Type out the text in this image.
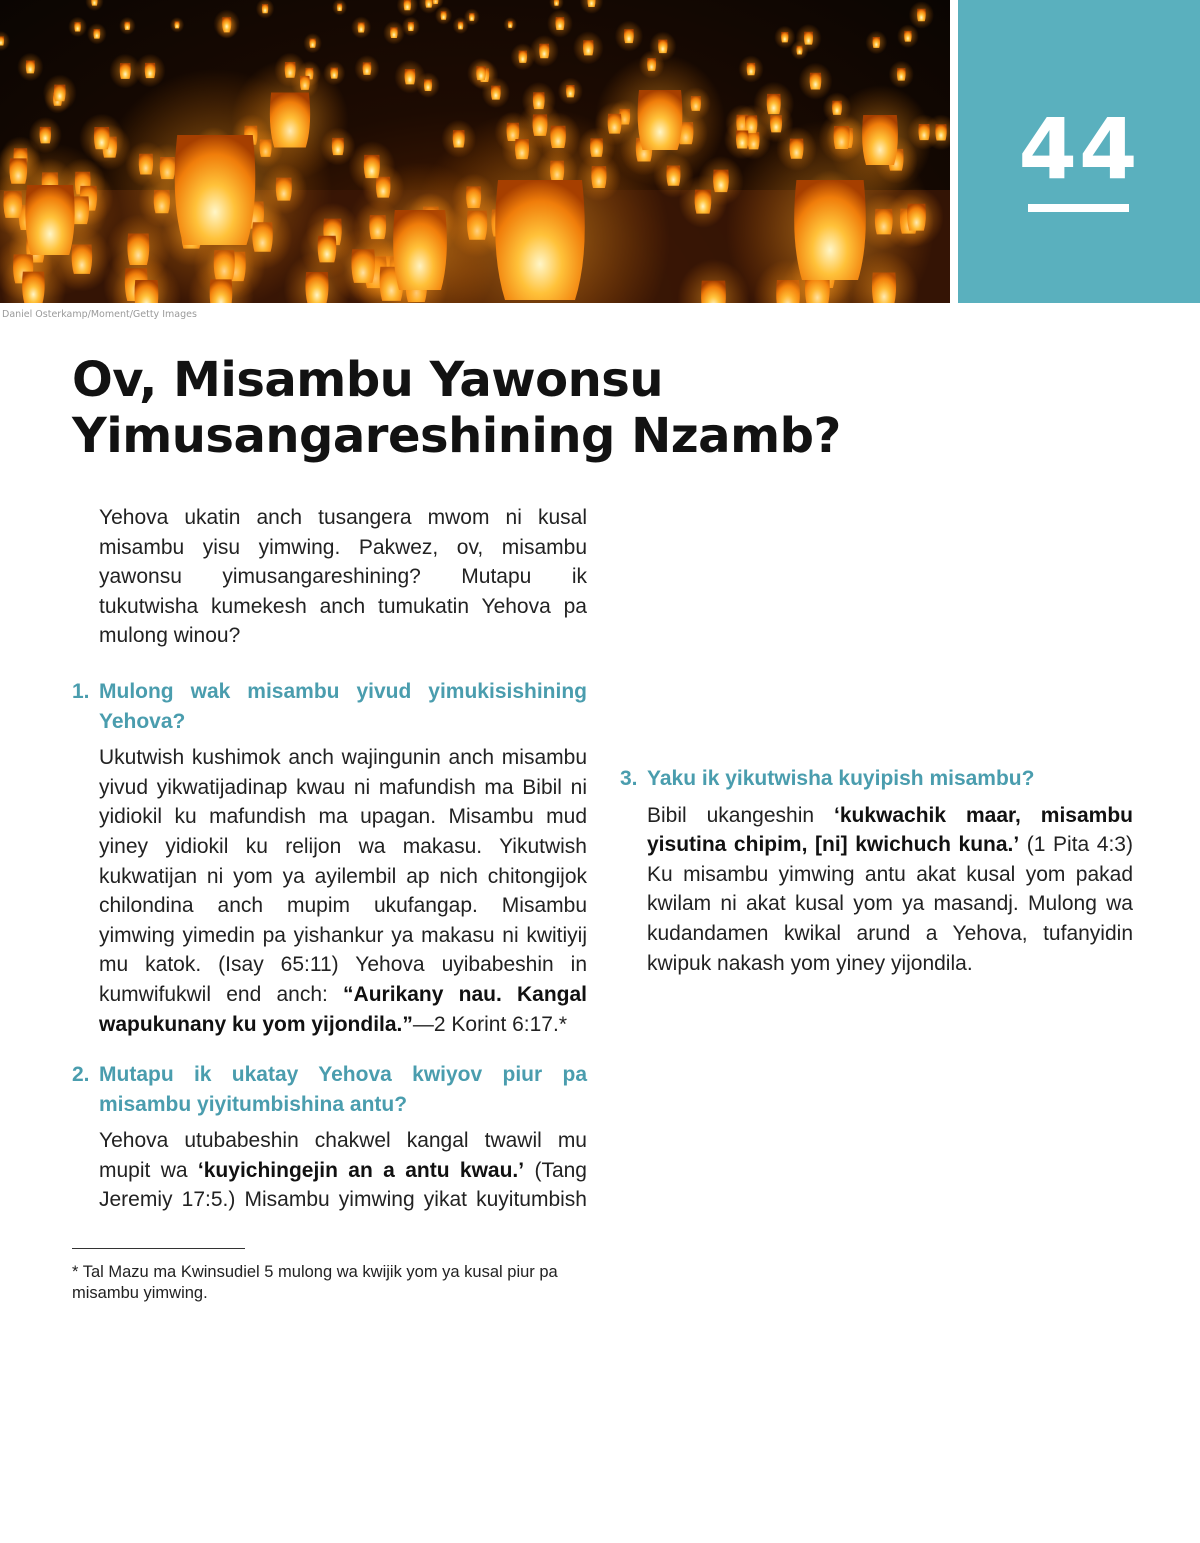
Daniel Osterkamp/Moment/Getty Images
44
Ov, Misambu Yawonsu
Yimusangareshining Nzamb?

Yehova ukatin anch tusangera mwom ni kusal misambu yisu yimwing. Pakwez, ov, misambu yawonsu yimusangareshining? Mutapu ik tukutwisha kumekesh anch tumukatin Yehova pa mulong winou?

1. Mulong wak misambu yivud yimukisishining Yehova?

Ukutwish kushimok anch wajingunin anch misambu yivud yikwatijadinap kwau ni mafundish ma Bibil ni yidiokil ku mafundish ma upagan. Misambu mud yiney yidiokil ku relijon wa makasu. Yikutwish kukwatijan ni yom ya ayilembil ap nich chitongijok chilondina anch mupim ukufangap. Misambu yimwing yimedin pa yishankur ya makasu ni kwitiyij mu katok. (Isay 65:11) Yehova uyibabeshin in kumwifukwil end anch: “Aurikany nau. Kangal wapukunany ku yom yijondila.”—2 Korint 6:17.*

2. Mutapu ik ukatay Yehova kwiyov piur pa misambu yiyitumbishina antu?

Yehova utubabeshin chakwel kangal twawil mu mupit wa ‘kuyichingejin an a antu kwau.’ (Tang Jeremiy 17:5.) Misambu yimwing yikat kuyitumbish

3. Yaku ik yikutwisha kuyipish misambu?

Bibil ukangeshin ‘kukwachik maar, misambu yisutina chipim, [ni] kwichuch kuna.’ (1 Pita 4:3) Ku misambu yimwing antu akat kusal yom pakad kwilam ni akat kusal yom ya masandj. Mulong wa kudandamen kwikal arund a Yehova, tufanyidin kwipuk nakash yom yiney yijondila.

* Tal Mazu ma Kwinsudiel 5 mulong wa kwijik yom ya kusal piur pa misambu yimwing.
